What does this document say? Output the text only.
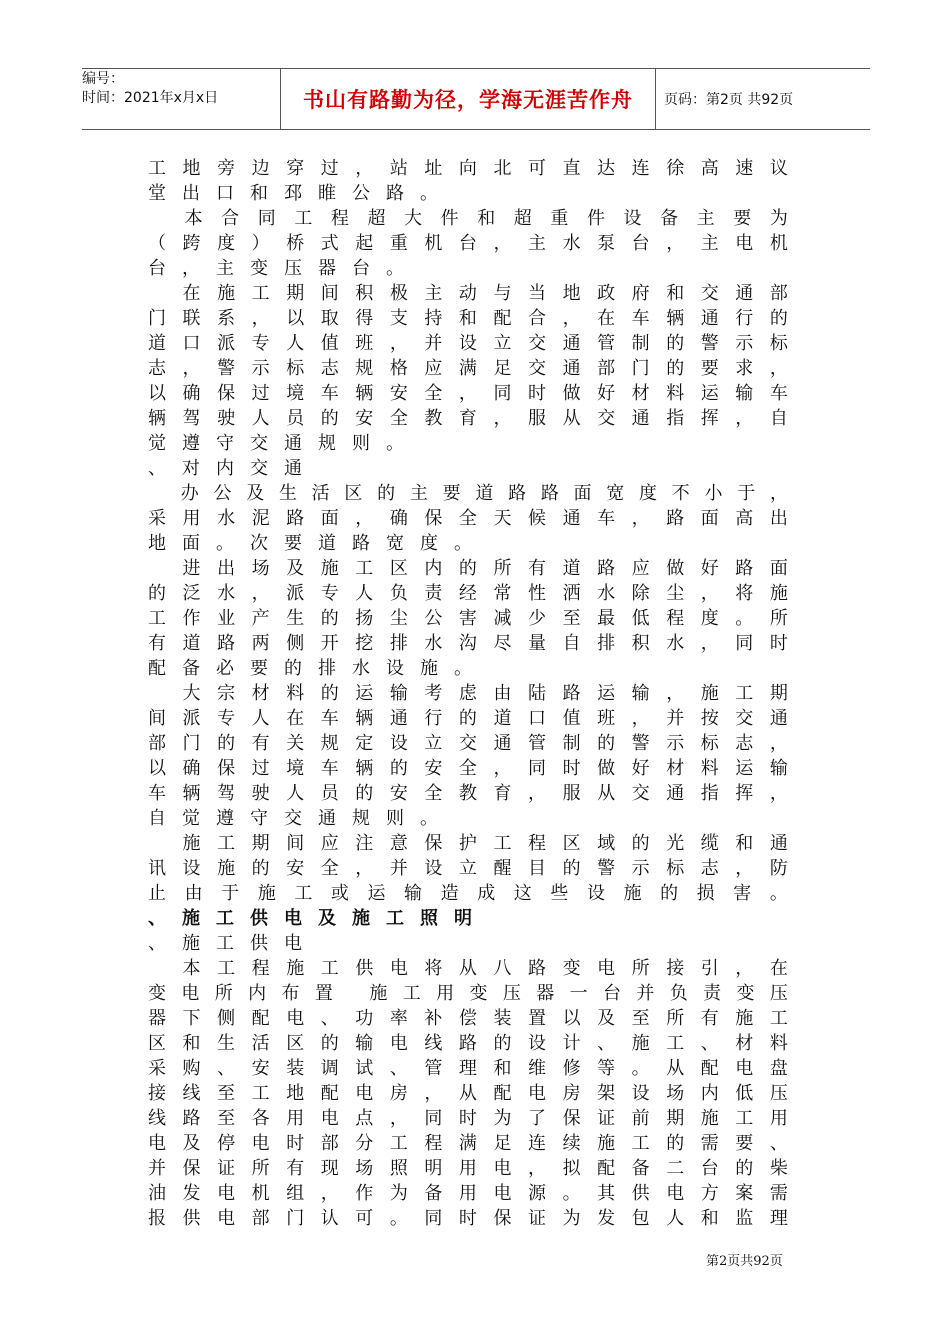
编号：
时间：2021年x月x日	书山有路勤为径，学海无涯苦作舟 页码：第2页 共92页
工 地 旁 边 穿 过 ， 站 址 向 北 可 直 达 连 徐 高 速 议
堂 出 口 和 邳 睢 公 路 。

本 合 同 工 程 超 大 件 和 超 重 件 设 备 主 要 为
（ 跨 度 ） 桥 式 起 重 机 台 ， 主 水 泵 台 ， 主 电 机
台 ， 主 变 压 器 台 。

在 施 工 期 间 积 极 主 动 与 当 地 政 府 和 交 通 部
门 联 系 ， 以 取 得 支 持 和 配 合 ， 在 车 辆 通 行 的
道 口 派 专 人 值 班 ， 并 设 立 交 通 管 制 的 警 示 标
志 ， 警 示 标 志 规 格 应 满 足 交 通 部 门 的 要 求 ，
以 确 保 过 境 车 辆 安 全 ， 同 时 做 好 材 料 运 输 车
辆 驾 驶 人 员 的 安 全 教 育 ， 服 从 交 通 指 挥 ， 自
觉 遵 守 交 通 规 则 。
、 对 内 交 通

办 公 及 生 活 区 的 主 要 道 路 路 面 宽 度 不 小 于 ，
采 用 水 泥 路 面 ， 确 保 全 天 候 通 车 ， 路 面 高 出
地 面 。 次 要 道 路 宽 度 。

进 出 场 及 施 工 区 内 的 所 有 道 路 应 做 好 路 面
的 泛 水 ， 派 专 人 负 责 经 常 性 洒 水 除 尘 ， 将 施
工 作 业 产 生 的 扬 尘 公 害 减 少 至 最 低 程 度 。 所
有 道 路 两 侧 开 挖 排 水 沟 尽 量 自 排 积 水 ， 同 时
配 备 必 要 的 排 水 设 施 。

大 宗 材 料 的 运 输 考 虑 由 陆 路 运 输 ， 施 工 期
间 派 专 人 在 车 辆 通 行 的 道 口 值 班 ， 并 按 交 通
部 门 的 有 关 规 定 设 立 交 通 管 制 的 警 示 标 志 ，
以 确 保 过 境 车 辆 的 安 全 ， 同 时 做 好 材 料 运 输
车 辆 驾 驶 人 员 的 安 全 教 育 ， 服 从 交 通 指 挥 ，
自 觉 遵 守 交 通 规 则 。

施 工 期 间 应 注 意 保 护 工 程 区 域 的 光 缆 和 通
讯 设 施 的 安 全 ， 并 设 立 醒 目 的 警 示 标 志 ， 防
止 由 于 施 工 或 运 输 造 成 这 些 设 施 的 损 害 。
、 施 工 供 电 及 施 工 照 明
、 施 工 供 电

本 工 程 施 工 供 电 将 从 八 路 变 电 所 接 引 ， 在
变 电 所 内 布 置
施 工 用 变 压 器 一 台 并 负 责 变 压
器 下 侧 配 电 、 功 率 补 偿 装 置 以 及 至 所 有 施 工
区 和 生 活 区 的 输 电 线 路 的 设 计 、 施 工 、 材 料
采 购 、 安 装 调 试 、 管 理 和 维 修 等 。 从 配 电 盘
接 线 至 工 地 配 电 房 ， 从 配 电 房 架 设 场 内 低 压
线 路 至 各 用 电 点 ， 同 时 为 了 保 证 前 期 施 工 用
电 及 停 电 时 部 分 工 程 满 足 连 续 施 工 的 需 要 、
并 保 证 所 有 现 场 照 明 用 电 ， 拟 配 备 二 台 的 柴
油 发 电 机 组 ， 作 为 备 用 电 源 。 其 供 电 方 案 需
报 供 电 部 门 认 可 。 同 时 保 证 为 发 包 人 和 监 理
第2页共92页
